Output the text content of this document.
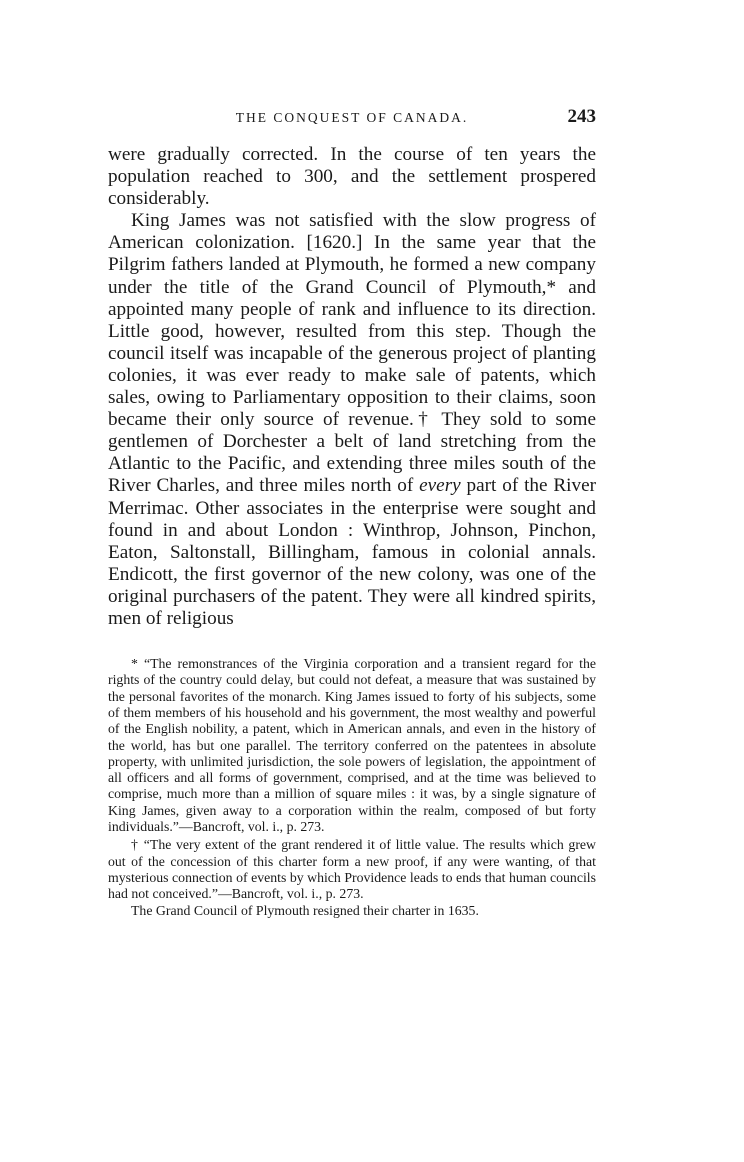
THE CONQUEST OF CANADA.	243

were gradually corrected. In the course of ten years the population reached to 300, and the settlement prospered considerably.

King James was not satisfied with the slow progress of American colonization. [1620.] In the same year that the Pilgrim fathers landed at Plymouth, he formed a new company under the title of the Grand Council of Plymouth,* and appointed many people of rank and influence to its direction. Little good, however, resulted from this step. Though the council itself was incapable of the generous project of planting colonies, it was ever ready to make sale of patents, which sales, owing to Parliamentary opposition to their claims, soon became their only source of revenue.† They sold to some gentlemen of Dorchester a belt of land stretching from the Atlantic to the Pacific, and extending three miles south of the River Charles, and three miles north of every part of the River Merrimac. Other associates in the enterprise were sought and found in and about London : Winthrop, Johnson, Pinchon, Eaton, Saltonstall, Billingham, famous in colonial annals. Endicott, the first governor of the new colony, was one of the original purchasers of the patent. They were all kindred spirits, men of religious

* “The remonstrances of the Virginia corporation and a transient regard for the rights of the country could delay, but could not defeat, a measure that was sustained by the personal favorites of the monarch. King James issued to forty of his subjects, some of them members of his household and his government, the most wealthy and powerful of the English nobility, a patent, which in American annals, and even in the history of the world, has but one parallel. The territory conferred on the patentees in absolute property, with unlimited jurisdiction, the sole powers of legislation, the appointment of all officers and all forms of government, comprised, and at the time was believed to comprise, much more than a million of square miles : it was, by a single signature of King James, given away to a corporation within the realm, composed of but forty individuals.”—Bancroft, vol. i., p. 273.

† “The very extent of the grant rendered it of little value. The results which grew out of the concession of this charter form a new proof, if any were wanting, of that mysterious connection of events by which Providence leads to ends that human councils had not conceived.”—Bancroft, vol. i., p. 273.

The Grand Council of Plymouth resigned their charter in 1635.
